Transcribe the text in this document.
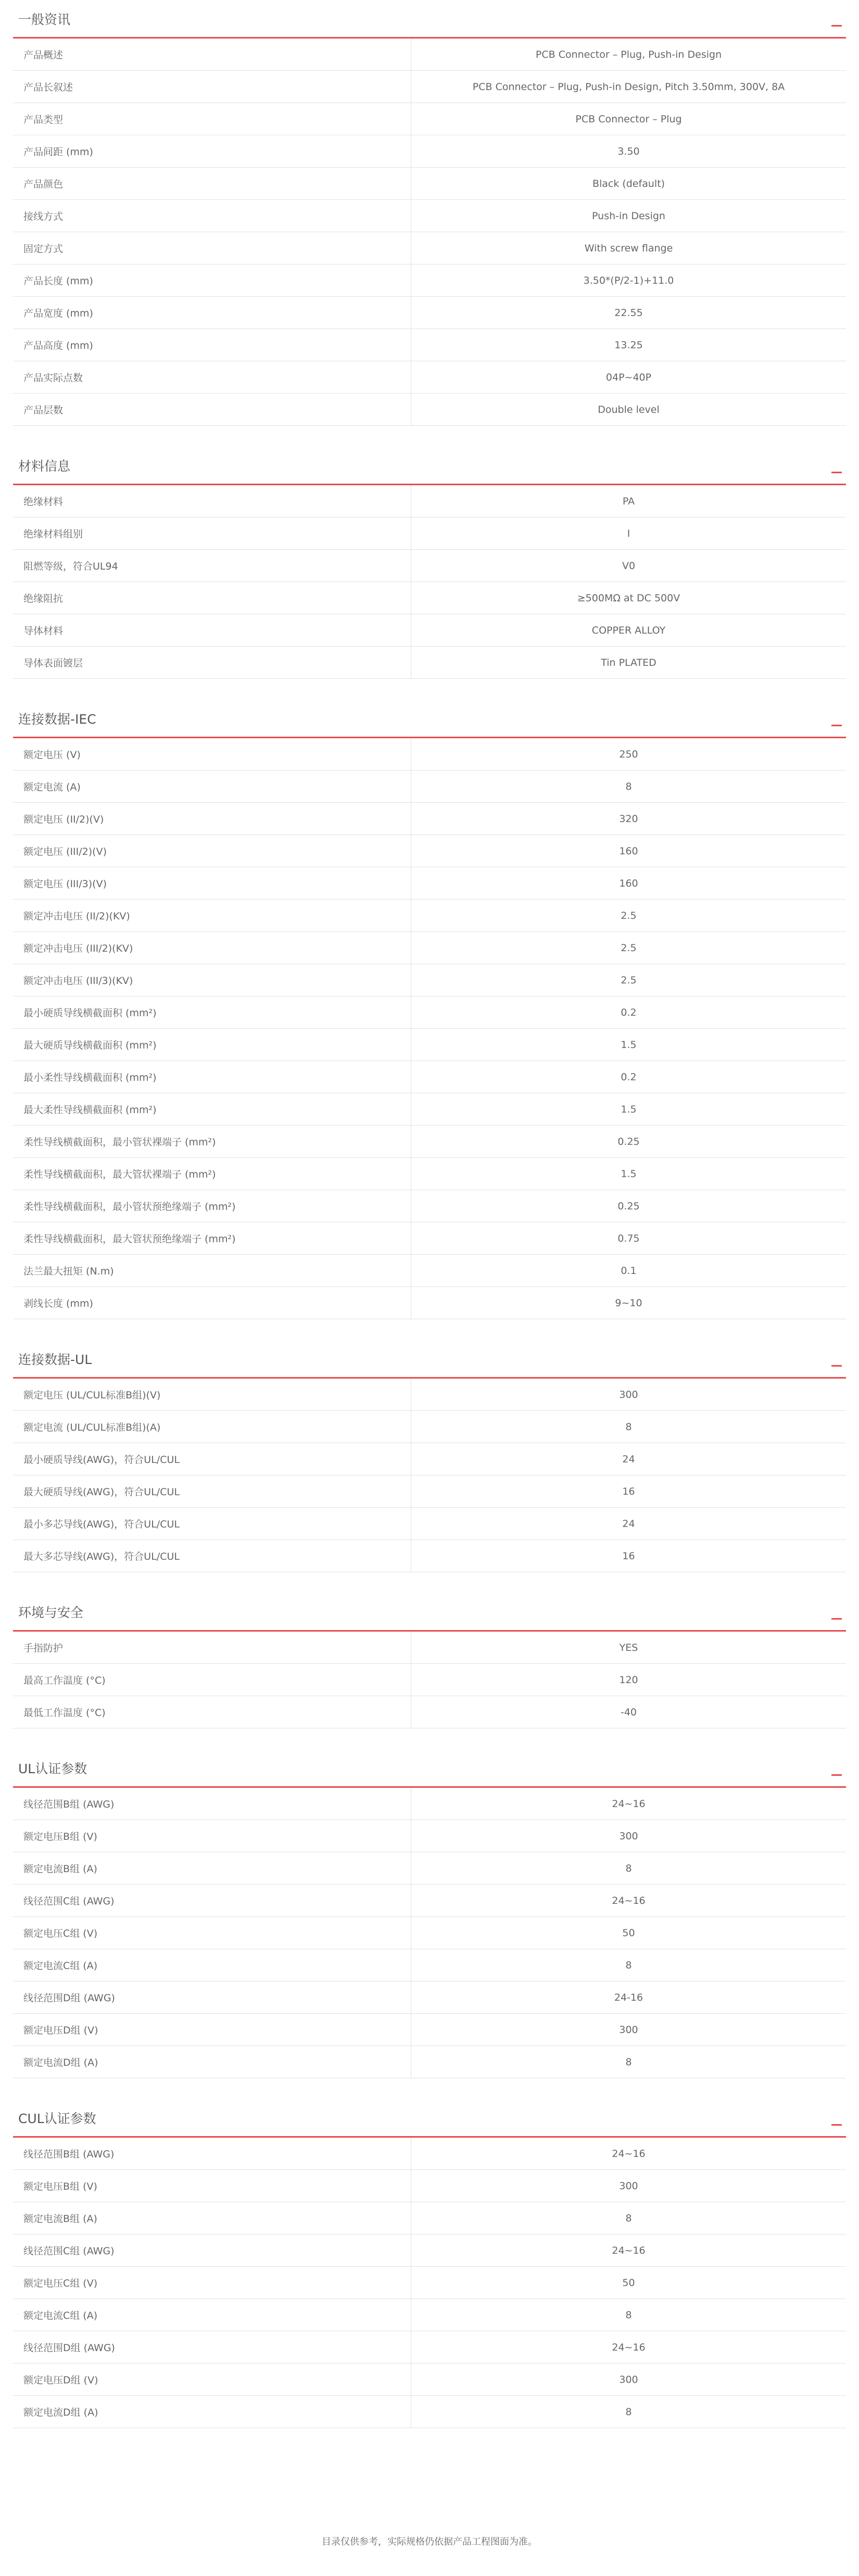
一般资讯
产品概述	PCB Connector – Plug, Push-in Design
产品长叙述	PCB Connector – Plug, Push-in Design, Pitch 3.50mm, 300V, 8A
产品类型	PCB Connector – Plug
产品间距 (mm)	3.50
产品颜色	Black (default)
接线方式	Push-in Design
固定方式	With screw flange
产品长度 (mm)	3.50*(P/2-1)+11.0
产品宽度 (mm)	22.55
产品高度 (mm)	13.25
产品实际点数	04P~40P
产品层数	Double level
材料信息
绝缘材料	PA
绝缘材料组别	I
阻燃等级，符合UL94	V0
绝缘阻抗	≥500MΩ at DC 500V
导体材料	COPPER ALLOY
导体表面镀层	Tin PLATED
连接数据-IEC
额定电压 (V)	250
额定电流 (A)	8
额定电压 (II/2)(V)	320
额定电压 (III/2)(V)	160
额定电压 (III/3)(V)	160
额定冲击电压 (II/2)(KV)	2.5
额定冲击电压 (III/2)(KV)	2.5
额定冲击电压 (III/3)(KV)	2.5
最小硬质导线横截面积 (mm²)	0.2
最大硬质导线横截面积 (mm²)	1.5
最小柔性导线横截面积 (mm²)	0.2
最大柔性导线横截面积 (mm²)	1.5
柔性导线横截面积，最小管状裸端子 (mm²)	0.25
柔性导线横截面积，最大管状裸端子 (mm²)	1.5
柔性导线横截面积，最小管状预绝缘端子 (mm²)	0.25
柔性导线横截面积，最大管状预绝缘端子 (mm²)	0.75
法兰最大扭矩 (N.m)	0.1
剥线长度 (mm)	9~10
连接数据-UL
额定电压 (UL/CUL标准B组)(V)	300
额定电流 (UL/CUL标准B组)(A)	8
最小硬质导线(AWG)，符合UL/CUL	24
最大硬质导线(AWG)，符合UL/CUL	16
最小多芯导线(AWG)，符合UL/CUL	24
最大多芯导线(AWG)，符合UL/CUL	16
环境与安全
手指防护	YES
最高工作温度 (°C)	120
最低工作温度 (°C)	-40
UL认证参数
线径范围B组 (AWG)	24~16
额定电压B组 (V)	300
额定电流B组 (A)	8
线径范围C组 (AWG)	24~16
额定电压C组 (V)	50
额定电流C组 (A)	8
线径范围D组 (AWG)	24-16
额定电压D组 (V)	300
额定电流D组 (A)	8
CUL认证参数
线径范围B组 (AWG)	24~16
额定电压B组 (V)	300
额定电流B组 (A)	8
线径范围C组 (AWG)	24~16
额定电压C组 (V)	50
额定电流C组 (A)	8
线径范围D组 (AWG)	24~16
额定电压D组 (V)	300
额定电流D组 (A)	8
目录仅供参考，实际规格仍依据产品工程图面为准。
